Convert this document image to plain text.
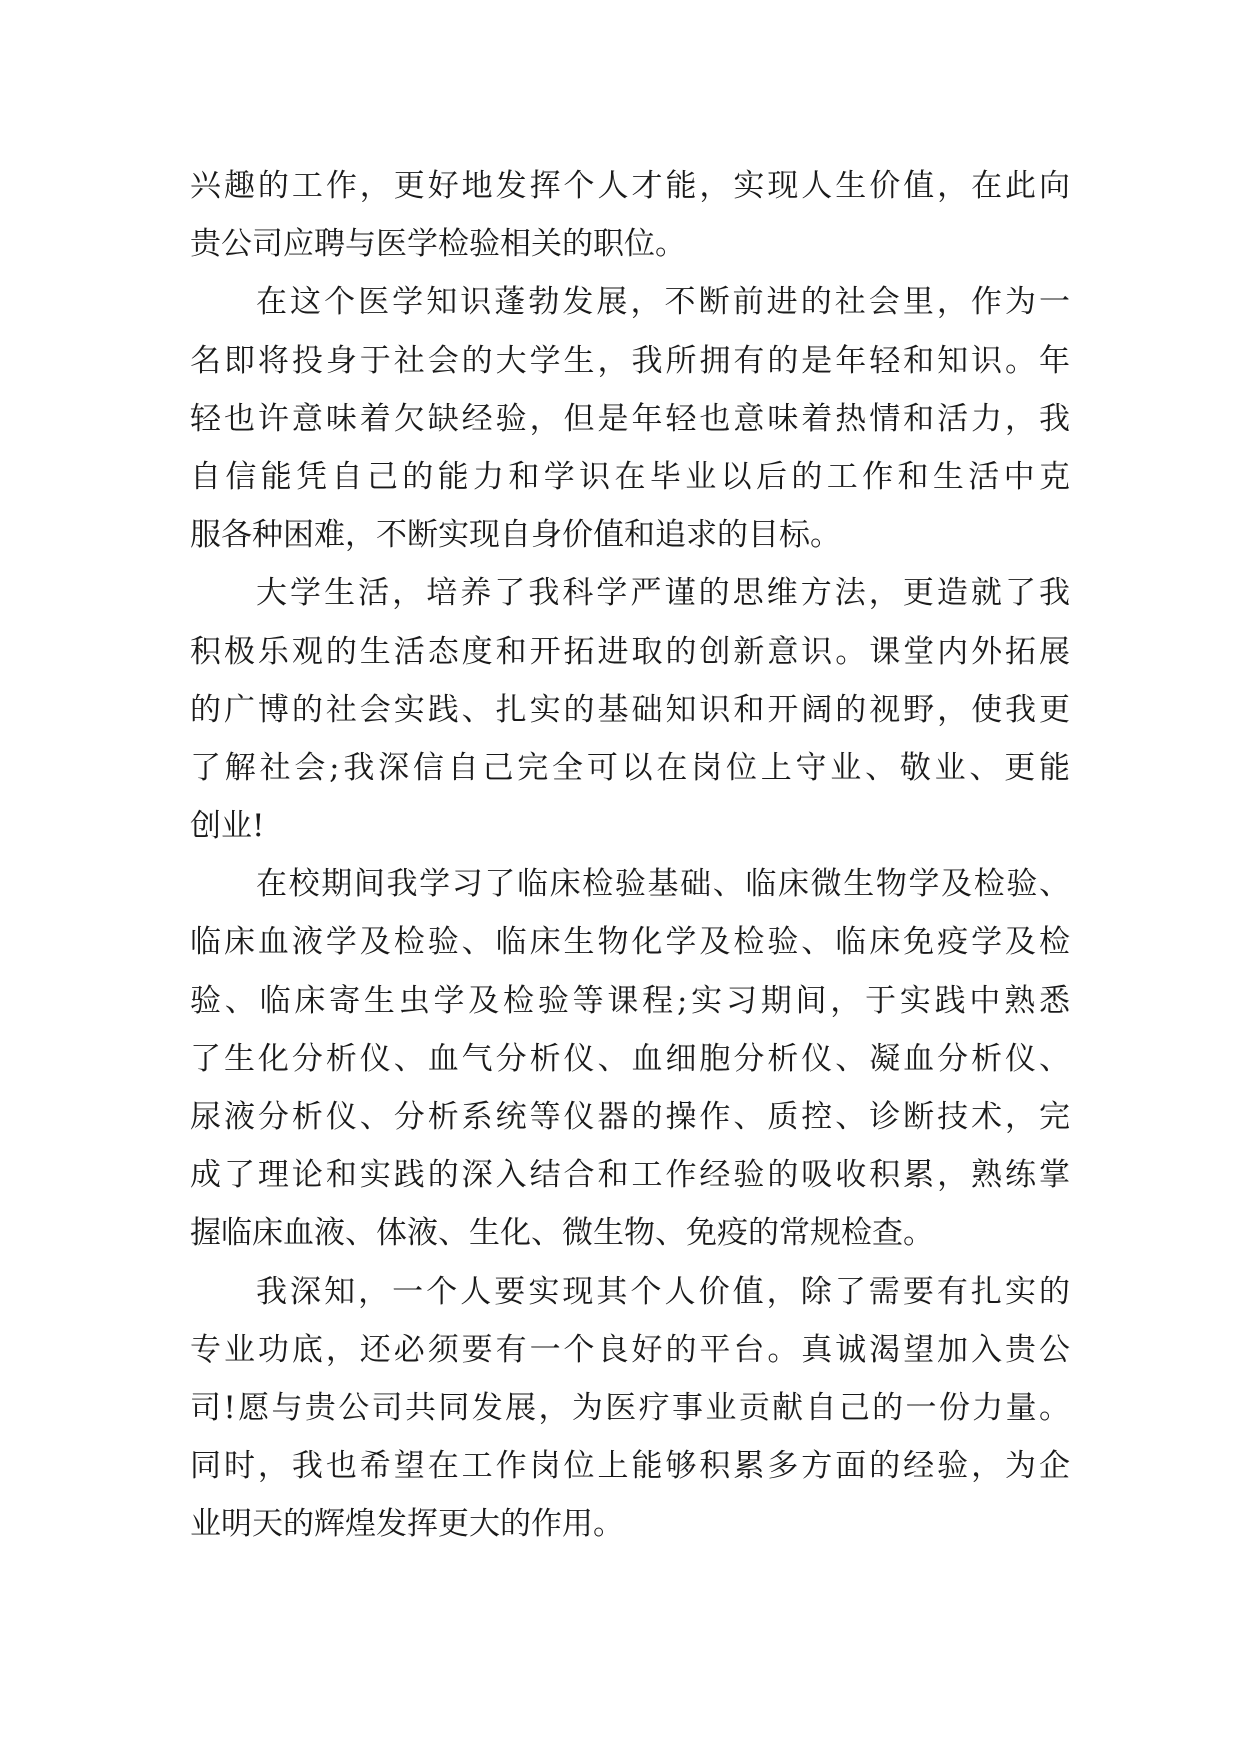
兴趣的工作，更好地发挥个人才能，实现人生价值，在此向
贵公司应聘与医学检验相关的职位。
在这个医学知识蓬勃发展，不断前进的社会里，作为一
名即将投身于社会的大学生，我所拥有的是年轻和知识。年
轻也许意味着欠缺经验，但是年轻也意味着热情和活力，我
自信能凭自己的能力和学识在毕业以后的工作和生活中克
服各种困难，不断实现自身价值和追求的目标。
大学生活，培养了我科学严谨的思维方法，更造就了我
积极乐观的生活态度和开拓进取的创新意识。课堂内外拓展
的广博的社会实践、扎实的基础知识和开阔的视野，使我更
了解社会;我深信自己完全可以在岗位上守业、敬业、更能
创业!
在校期间我学习了临床检验基础、临床微生物学及检验、
临床血液学及检验、临床生物化学及检验、临床免疫学及检
验、临床寄生虫学及检验等课程;实习期间，于实践中熟悉
了生化分析仪、血气分析仪、血细胞分析仪、凝血分析仪、
尿液分析仪、分析系统等仪器的操作、质控、诊断技术，完
成了理论和实践的深入结合和工作经验的吸收积累，熟练掌
握临床血液、体液、生化、微生物、免疫的常规检查。
我深知，一个人要实现其个人价值，除了需要有扎实的
专业功底，还必须要有一个良好的平台。真诚渴望加入贵公
司!愿与贵公司共同发展，为医疗事业贡献自己的一份力量。
同时，我也希望在工作岗位上能够积累多方面的经验，为企
业明天的辉煌发挥更大的作用。
